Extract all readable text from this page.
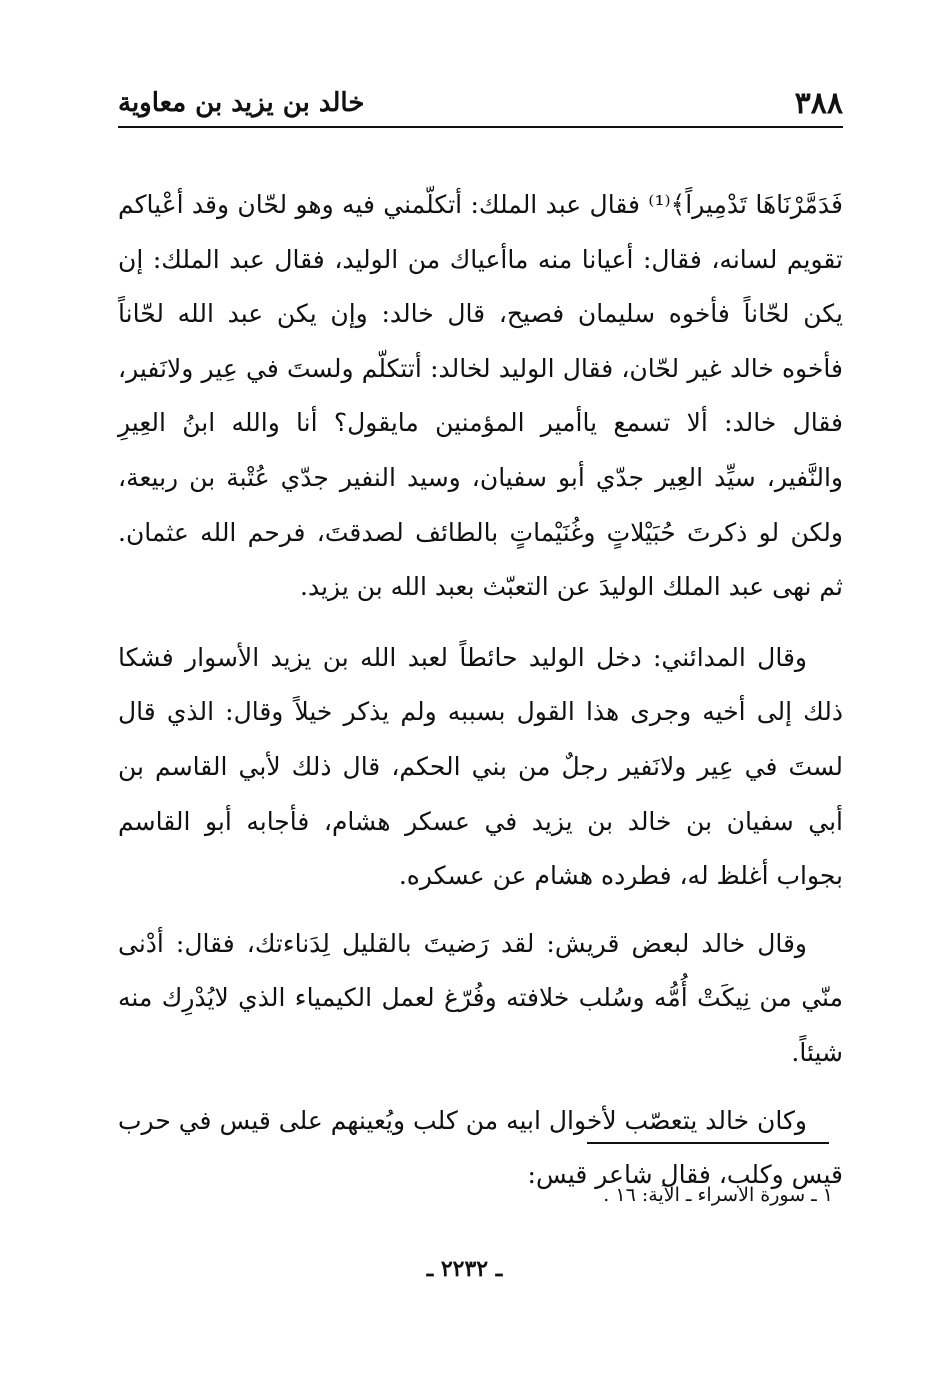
٣٨٨
خالد بن يزيد بن معاوية

فَدَمَّرْنَاهَا تَدْمِيراً﴾⁽¹⁾ فقال عبد الملك: أتكلّمني فيه وهو لحّان وقد أعْياكم تقويم لسانه، فقال: أعيانا منه ماأعياك من الوليد، فقال عبد الملك: إن يكن لحّاناً فأخوه سليمان فصيح، قال خالد: وإن يكن عبد الله لحّاناً فأخوه خالد غير لحّان، فقال الوليد لخالد: أتتكلّم ولستَ في عِير ولانَفير، فقال خالد: ألا تسمع ياأمير المؤمنين مايقول؟ أنا والله ابنُ العِيرِ والنَّفير، سيِّد العِير جدّي أبو سفيان، وسيد النفير جدّي عُتْبة بن ربيعة، ولكن لو ذكرتَ حُبَيْلاتٍ وغُنَيْماتٍ بالطائف لصدقتَ، فرحم الله عثمان. ثم نهى عبد الملك الوليدَ عن التعبّث بعبد الله بن يزيد.

وقال المدائني: دخل الوليد حائطاً لعبد الله بن يزيد الأسوار فشكا ذلك إلى أخيه وجرى هذا القول بسببه ولم يذكر خيلاً وقال: الذي قال لستَ في عِير ولانَفير رجلٌ من بني الحكم، قال ذلك لأبي القاسم بن أبي سفيان بن خالد بن يزيد في عسكر هشام، فأجابه أبو القاسم بجواب أغلظ له، فطرده هشام عن عسكره.

وقال خالد لبعض قريش: لقد رَضيتَ بالقليل لِدَناءتك، فقال: أدْنى منّي من نِيكَتْ أُمُّه وسُلب خلافته وفُرّغ لعمل الكيمياء الذي لايُدْرِك منه شيئاً.

وكان خالد يتعصّب لأخوال ابيه من كلب ويُعينهم على قيس في حرب قيس وكلب، فقال شاعر قيس:

١ ـ سورة الاسراء ـ الآية: ١٦ .
ـ ٢٢٣٢ ـ
